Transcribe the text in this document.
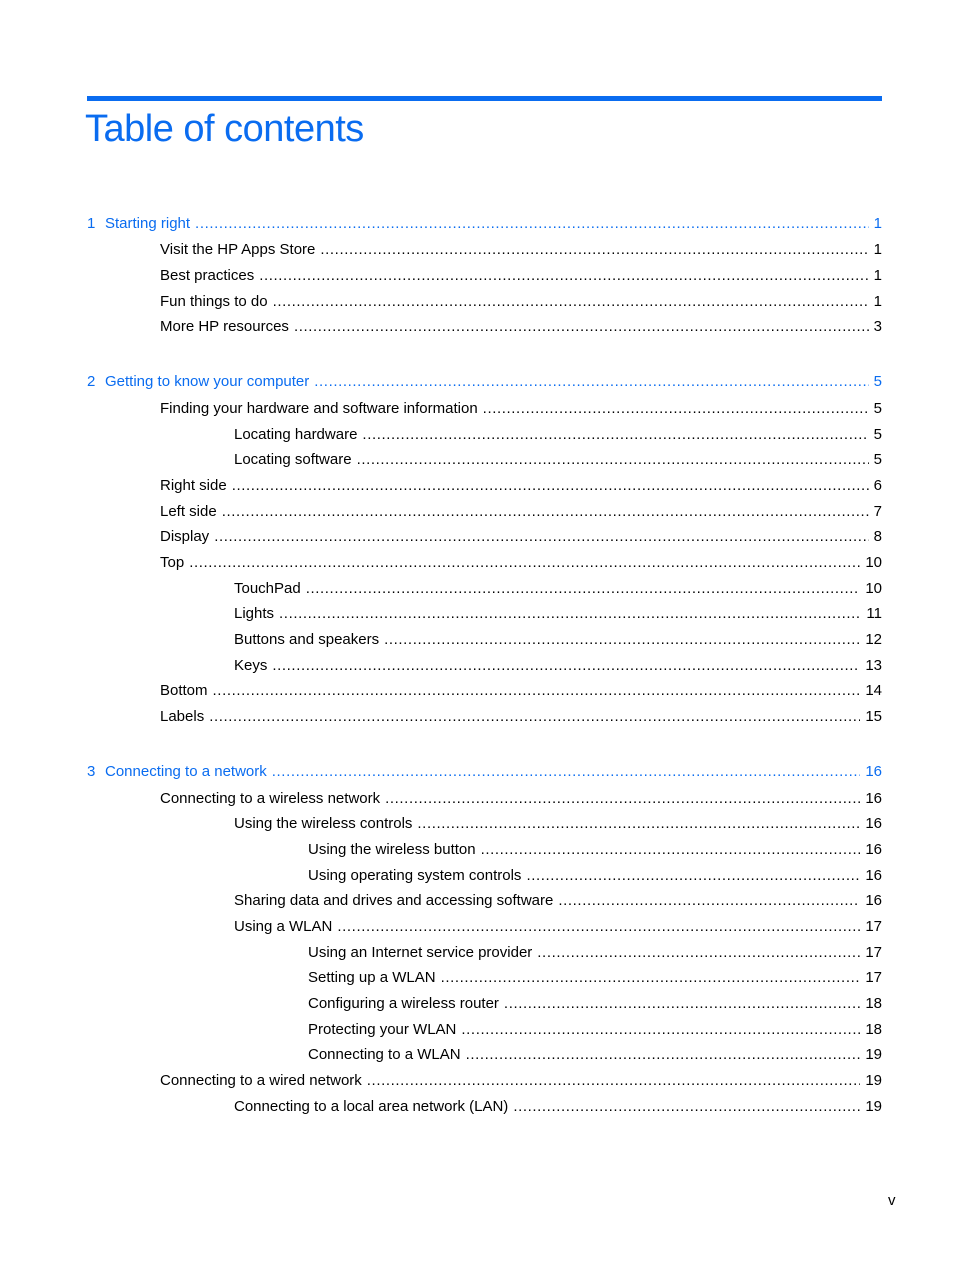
Table of contents
1 Starting right .....	1
Visit the HP Apps Store .....	1
Best practices .....	1
Fun things to do .....	1
More HP resources .....	3
2 Getting to know your computer .....	5
Finding your hardware and software information .....	5
Locating hardware .....	5
Locating software .....	5
Right side .....	6
Left side .....	7
Display .....	8
Top .....	10
TouchPad .....	10
Lights .....	11
Buttons and speakers .....	12
Keys .....	13
Bottom .....	14
Labels .....	15
3 Connecting to a network .....	16
Connecting to a wireless network .....	16
Using the wireless controls .....	16
Using the wireless button .....	16
Using operating system controls .....	16
Sharing data and drives and accessing software .....	16
Using a WLAN .....	17
Using an Internet service provider .....	17
Setting up a WLAN .....	17
Configuring a wireless router .....	18
Protecting your WLAN .....	18
Connecting to a WLAN .....	19
Connecting to a wired network .....	19
Connecting to a local area network (LAN) .....	19
v
